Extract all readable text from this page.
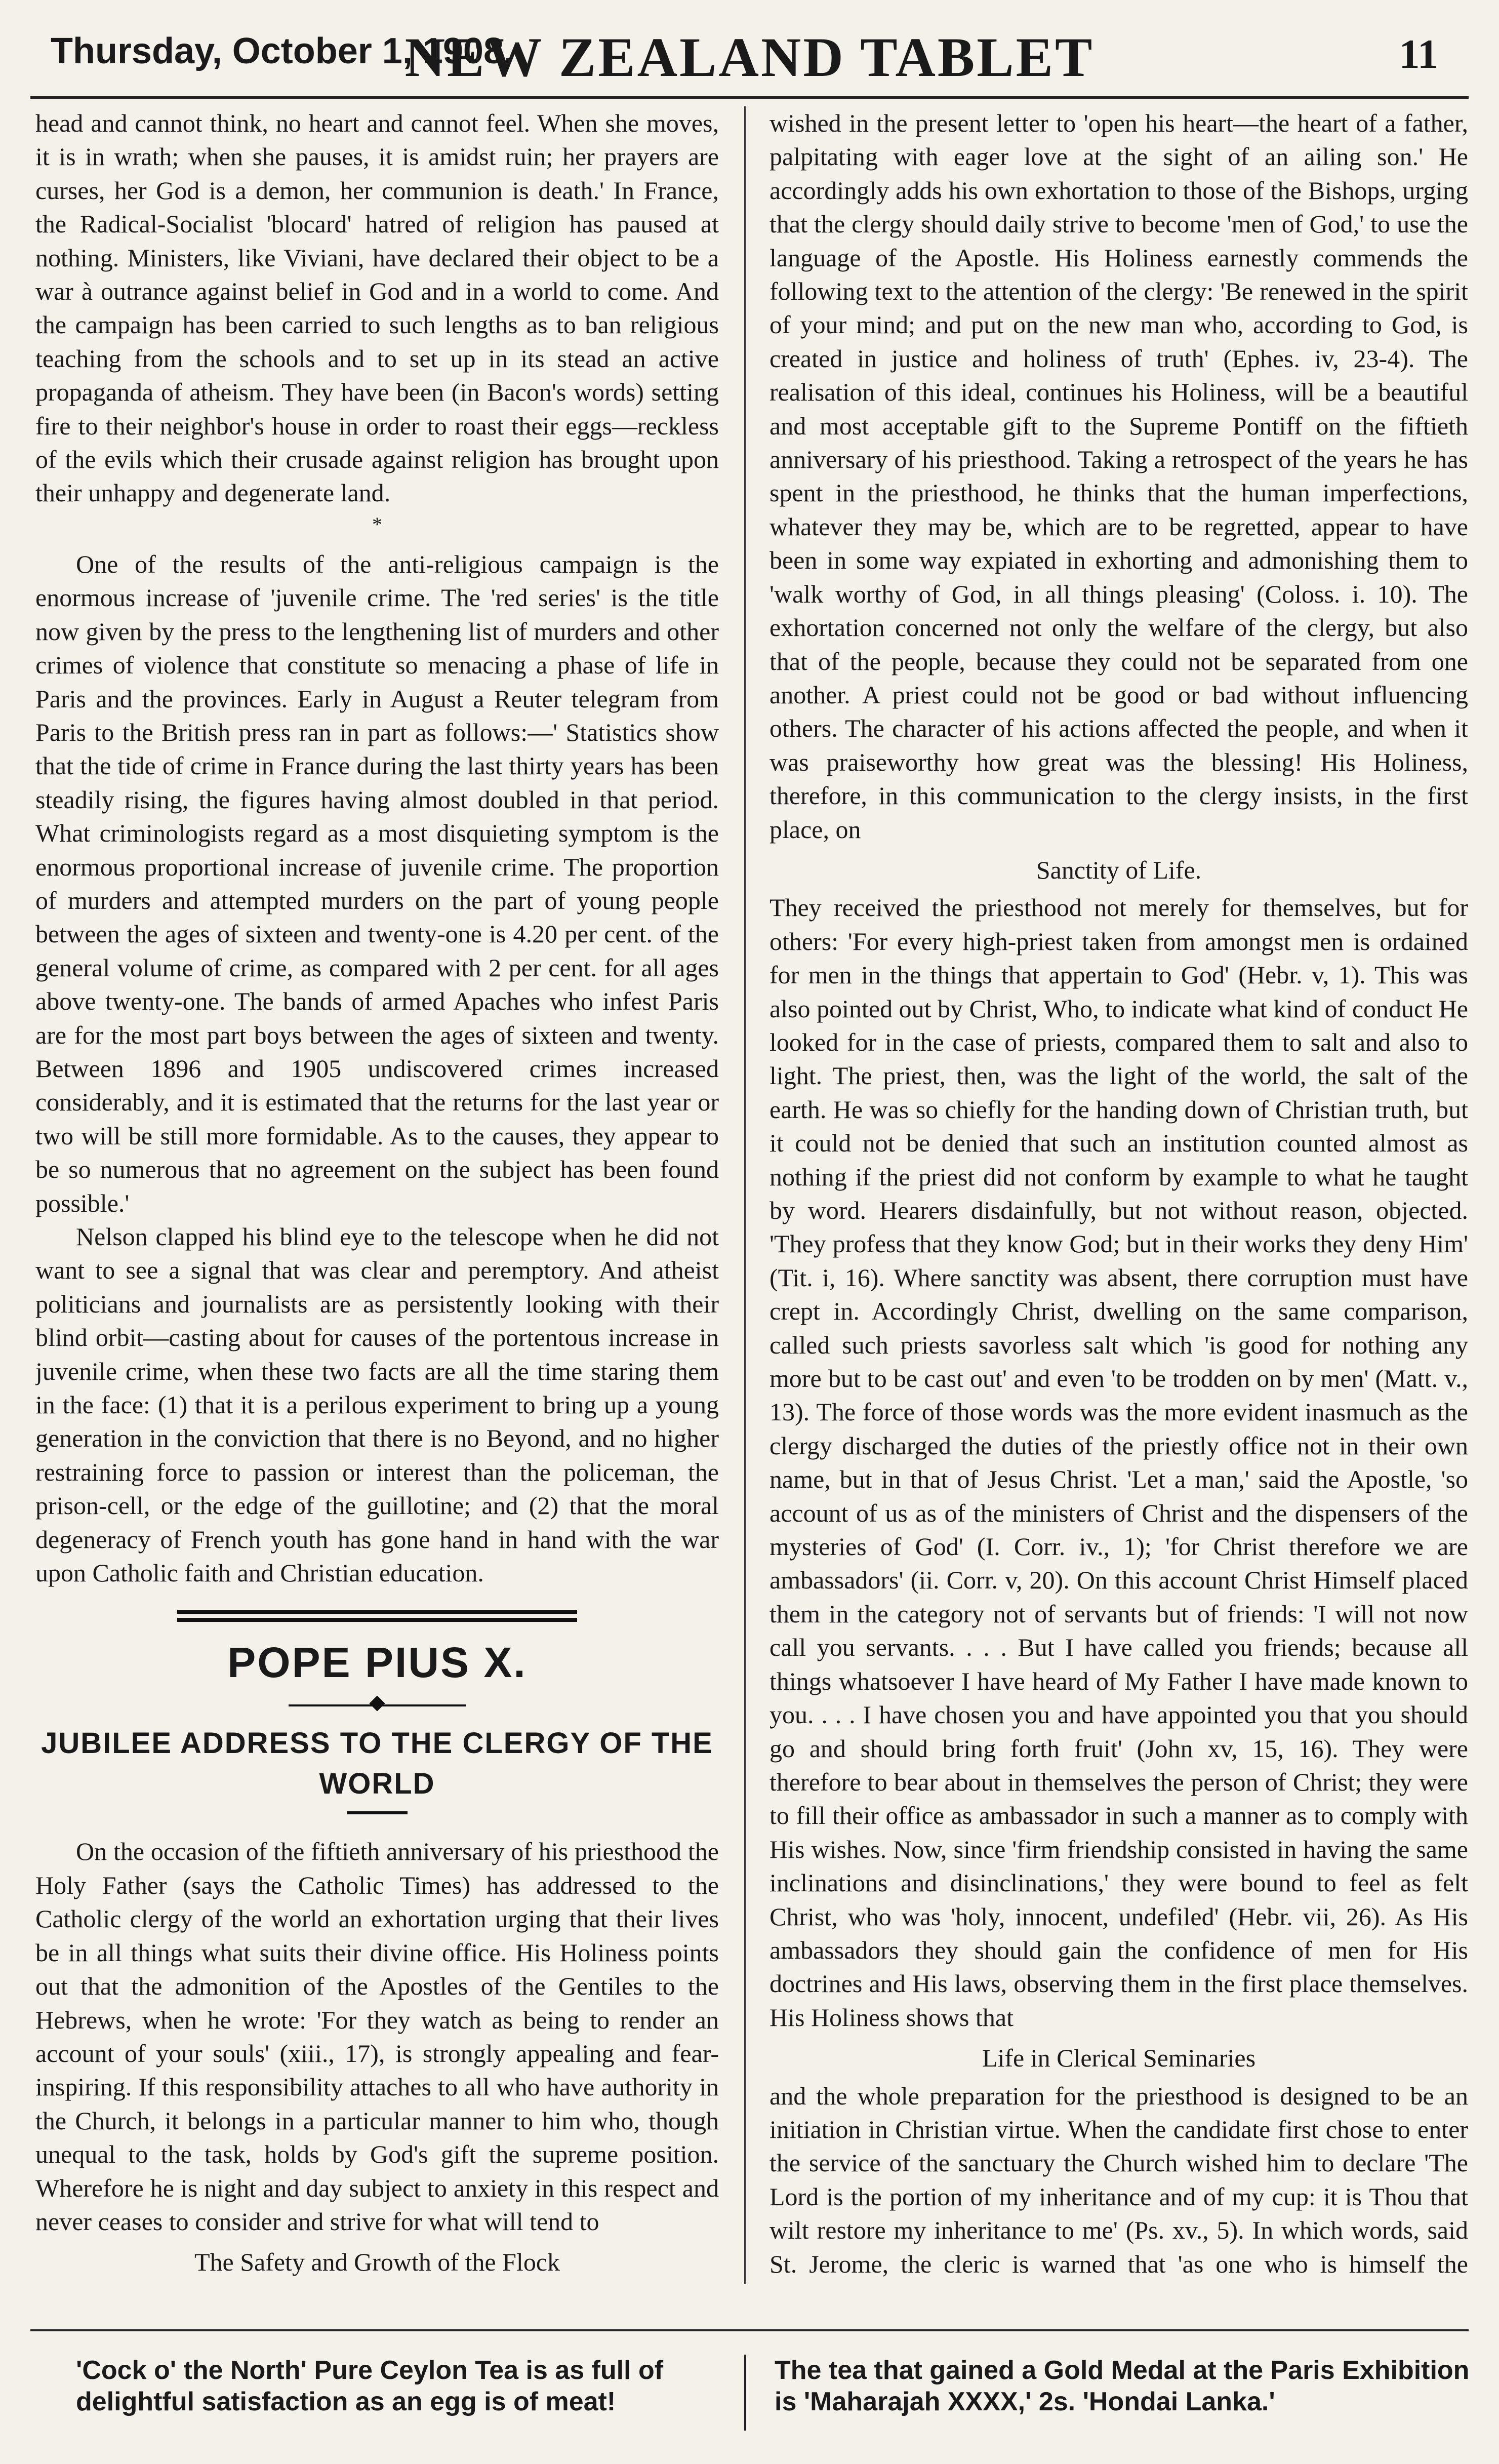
Thursday, October 1, 1908.
NEW ZEALAND TABLET	11

head and cannot think, no heart and cannot feel. When she moves, it is in wrath; when she pauses, it is amidst ruin; her prayers are curses, her God is a demon, her communion is death.' In France, the Radical-Socialist 'blocard' hatred of religion has paused at nothing. Ministers, like Viviani, have declared their object to be a war à outrance against belief in God and in a world to come. And the campaign has been carried to such lengths as to ban religious teaching from the schools and to set up in its stead an active propaganda of atheism. They have been (in Bacon's words) setting fire to their neighbor's house in order to roast their eggs—reckless of the evils which their crusade against religion has brought upon their unhappy and degenerate land.

*

One of the results of the anti-religious campaign is the enormous increase of 'juvenile crime. The 'red series' is the title now given by the press to the lengthening list of murders and other crimes of violence that constitute so menacing a phase of life in Paris and the provinces. Early in August a Reuter telegram from Paris to the British press ran in part as follows:—' Statistics show that the tide of crime in France during the last thirty years has been steadily rising, the figures having almost doubled in that period. What criminologists regard as a most disquieting symptom is the enormous proportional increase of juvenile crime. The proportion of murders and attempted murders on the part of young people between the ages of sixteen and twenty-one is 4.20 per cent. of the general volume of crime, as compared with 2 per cent. for all ages above twenty-one. The bands of armed Apaches who infest Paris are for the most part boys between the ages of sixteen and twenty. Between 1896 and 1905 undiscovered crimes increased considerably, and it is estimated that the returns for the last year or two will be still more formidable. As to the causes, they appear to be so numerous that no agreement on the subject has been found possible.'

Nelson clapped his blind eye to the telescope when he did not want to see a signal that was clear and peremptory. And atheist politicians and journalists are as persistently looking with their blind orbit—casting about for causes of the portentous increase in juvenile crime, when these two facts are all the time staring them in the face: (1) that it is a perilous experiment to bring up a young generation in the conviction that there is no Beyond, and no higher restraining force to passion or interest than the policeman, the prison-cell, or the edge of the guillotine; and (2) that the moral degeneracy of French youth has gone hand in hand with the war upon Catholic faith and Christian education.

POPE PIUS X.
JUBILEE ADDRESS TO THE CLERGY OF THE WORLD

On the occasion of the fiftieth anniversary of his priesthood the Holy Father (says the Catholic Times) has addressed to the Catholic clergy of the world an exhortation urging that their lives be in all things what suits their divine office. His Holiness points out that the admonition of the Apostles of the Gentiles to the Hebrews, when he wrote: 'For they watch as being to render an account of your souls' (xiii., 17), is strongly appealing and fear-inspiring. If this responsibility attaches to all who have authority in the Church, it belongs in a particular manner to him who, though unequal to the task, holds by God's gift the supreme position. Wherefore he is night and day subject to anxiety in this respect and never ceases to consider and strive for what will tend to

The Safety and Growth of the Flock

wished in the present letter to 'open his heart—the heart of a father, palpitating with eager love at the sight of an ailing son.' He accordingly adds his own exhortation to those of the Bishops, urging that the clergy should daily strive to become 'men of God,' to use the language of the Apostle. His Holiness earnestly commends the following text to the attention of the clergy: 'Be renewed in the spirit of your mind; and put on the new man who, according to God, is created in justice and holiness of truth' (Ephes. iv, 23-4). The realisation of this ideal, continues his Holiness, will be a beautiful and most acceptable gift to the Supreme Pontiff on the fiftieth anniversary of his priesthood. Taking a retrospect of the years he has spent in the priesthood, he thinks that the human imperfections, whatever they may be, which are to be regretted, appear to have been in some way expiated in exhorting and admonishing them to 'walk worthy of God, in all things pleasing' (Coloss. i. 10). The exhortation concerned not only the welfare of the clergy, but also that of the people, because they could not be separated from one another. A priest could not be good or bad without influencing others. The character of his actions affected the people, and when it was praiseworthy how great was the blessing! His Holiness, therefore, in this communication to the clergy insists, in the first place, on

Sanctity of Life.

They received the priesthood not merely for themselves, but for others: 'For every high-priest taken from amongst men is ordained for men in the things that appertain to God' (Hebr. v, 1). This was also pointed out by Christ, Who, to indicate what kind of conduct He looked for in the case of priests, compared them to salt and also to light. The priest, then, was the light of the world, the salt of the earth. He was so chiefly for the handing down of Christian truth, but it could not be denied that such an institution counted almost as nothing if the priest did not conform by example to what he taught by word. Hearers disdainfully, but not without reason, objected. 'They profess that they know God; but in their works they deny Him' (Tit. i, 16). Where sanctity was absent, there corruption must have crept in. Accordingly Christ, dwelling on the same comparison, called such priests savorless salt which 'is good for nothing any more but to be cast out' and even 'to be trodden on by men' (Matt. v., 13). The force of those words was the more evident inasmuch as the clergy discharged the duties of the priestly office not in their own name, but in that of Jesus Christ. 'Let a man,' said the Apostle, 'so account of us as of the ministers of Christ and the dispensers of the mysteries of God' (I. Corr. iv., 1); 'for Christ therefore we are ambassadors' (ii. Corr. v, 20). On this account Christ Himself placed them in the category not of servants but of friends: 'I will not now call you servants. . . . But I have called you friends; because all things whatsoever I have heard of My Father I have made known to you. . . . I have chosen you and have appointed you that you should go and should bring forth fruit' (John xv, 15, 16). They were therefore to bear about in themselves the person of Christ; they were to fill their office as ambassador in such a manner as to comply with His wishes. Now, since 'firm friendship consisted in having the same inclinations and disinclinations,' they were bound to feel as felt Christ, who was 'holy, innocent, undefiled' (Hebr. vii, 26). As His ambassadors they should gain the confidence of men for His doctrines and His laws, observing them in the first place themselves. His Holiness shows that

Life in Clerical Seminaries

and the whole preparation for the priesthood is designed to be an initiation in Christian virtue. When the candidate first chose to enter the service of the sanctuary the Church wished him to declare 'The Lord is the portion of my inheritance and of my cup: it is Thou that wilt restore my inheritance to me' (Ps. xv., 5). In which words, said St. Jerome, the cleric is warned that 'as one who is himself the

'Cock o' the North' Pure Ceylon Tea is as full of delightful satisfaction as an egg is of meat!
The tea that gained a Gold Medal at the Paris Exhibition is 'Maharajah XXXX,' 2s. 'Hondai Lanka.'
